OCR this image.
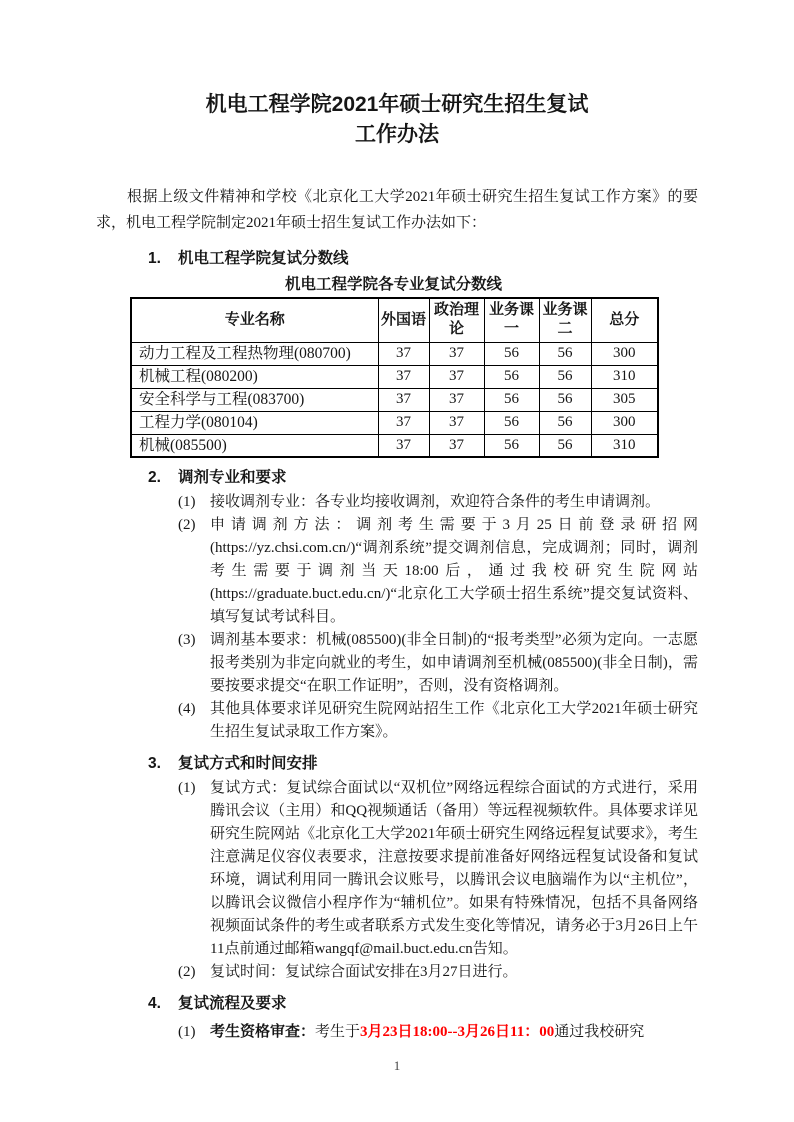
机电工程学院2021年硕士研究生招生复试
工作办法

根据上级文件精神和学校《北京化工大学2021年硕士研究生招生复试工作方案》的要求，机电工程学院制定2021年硕士招生复试工作办法如下：

1.	机电工程学院复试分数线
机电工程学院各专业复试分数线
专业名称	外国语	政治理论	业务课一	业务课二	总分
动力工程及工程热物理(080700)	37	37	56	56	300
机械工程(080200)	37	37	56	56	310
安全科学与工程(083700)	37	37	56	56	305
工程力学(080104)	37	37	56	56	300
机械(085500)	37	37	56	56	310
2.	调剂专业和要求
(1) 接收调剂专业：各专业均接收调剂，欢迎符合条件的考生申请调剂。
(2) 申请调剂方法：调剂考生需要于3月25日前登录研招网(https://yz.chsi.com.cn/)“调剂系统”提交调剂信息，完成调剂；同时，调剂考生需要于调剂当天18:00后，通过我校研究生院网站(https://graduate.buct.edu.cn/)“北京化工大学硕士招生系统”提交复试资料、填写复试考试科目。
(3) 调剂基本要求：机械(085500)(非全日制)的“报考类型”必须为定向。一志愿报考类别为非定向就业的考生，如申请调剂至机械(085500)(非全日制)，需要按要求提交“在职工作证明”，否则，没有资格调剂。
(4) 其他具体要求详见研究生院网站招生工作《北京化工大学2021年硕士研究生招生复试录取工作方案》。
3.	复试方式和时间安排
(1) 复试方式：复试综合面试以“双机位”网络远程综合面试的方式进行，采用腾讯会议（主用）和QQ视频通话（备用）等远程视频软件。具体要求详见研究生院网站《北京化工大学2021年硕士研究生网络远程复试要求》，考生注意满足仪容仪表要求，注意按要求提前准备好网络远程复试设备和复试环境，调试利用同一腾讯会议账号，以腾讯会议电脑端作为以“主机位”，以腾讯会议微信小程序作为“辅机位”。如果有特殊情况，包括不具备网络视频面试条件的考生或者联系方式发生变化等情况，请务必于3月26日上午11点前通过邮箱wangqf@mail.buct.edu.cn告知。
(2) 复试时间：复试综合面试安排在3月27日进行。
4.	复试流程及要求
(1) 考生资格审查：考生于3月23日18:00--3月26日11：00通过我校研究
1
